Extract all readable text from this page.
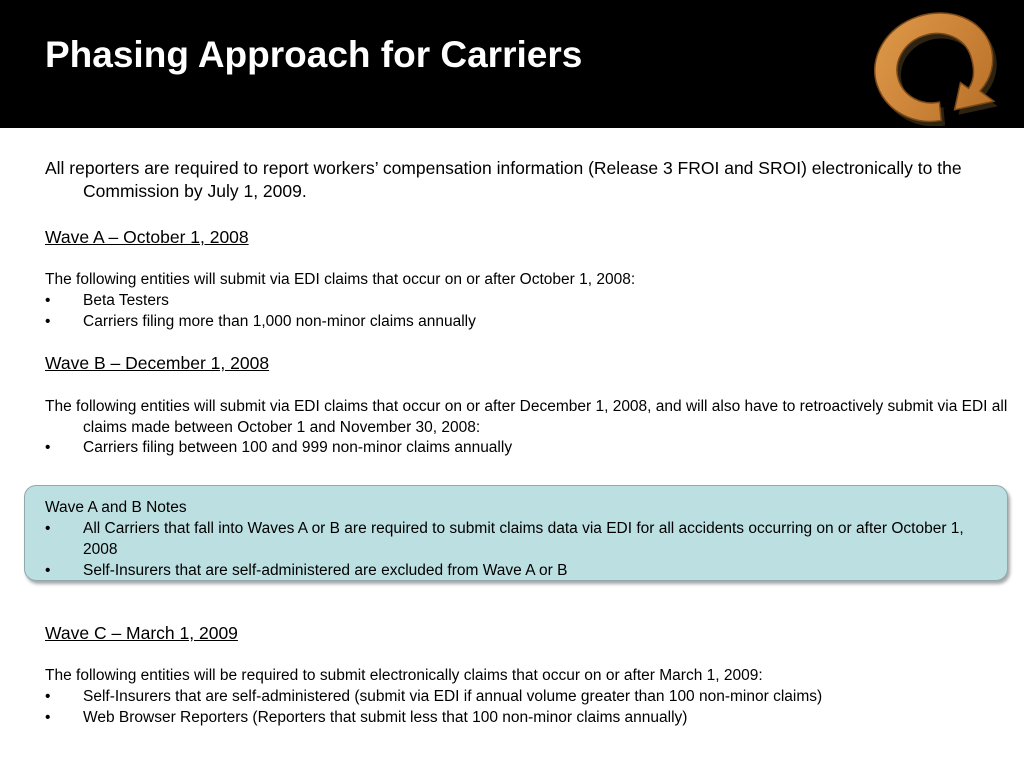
Phasing Approach for Carriers
All reporters are required to report workers’ compensation information (Release 3 FROI and SROI) electronically to the Commission by July 1, 2009.
Wave A – October 1, 2008
The following entities will submit via EDI claims that occur on or after October 1, 2008:
•	Beta Testers
•	Carriers filing more than 1,000 non-minor claims annually
Wave B – December 1, 2008
The following entities will submit via EDI claims that occur on or after December 1, 2008, and will also have to retroactively submit via EDI all claims made between October 1 and November 30, 2008:
•	Carriers filing between 100 and 999 non-minor claims annually
Wave A and B Notes
•	All Carriers that fall into Waves A or B are required to submit claims data via EDI for all accidents occurring on or after October 1, 2008
•	Self-Insurers that are self-administered are excluded from Wave A or B
Wave C – March 1, 2009
The following entities will be required to submit electronically claims that occur on or after March 1, 2009:
•	Self-Insurers that are self-administered (submit via EDI if annual volume greater than 100 non-minor claims)
•	Web Browser Reporters (Reporters that submit less that 100 non-minor claims annually)
